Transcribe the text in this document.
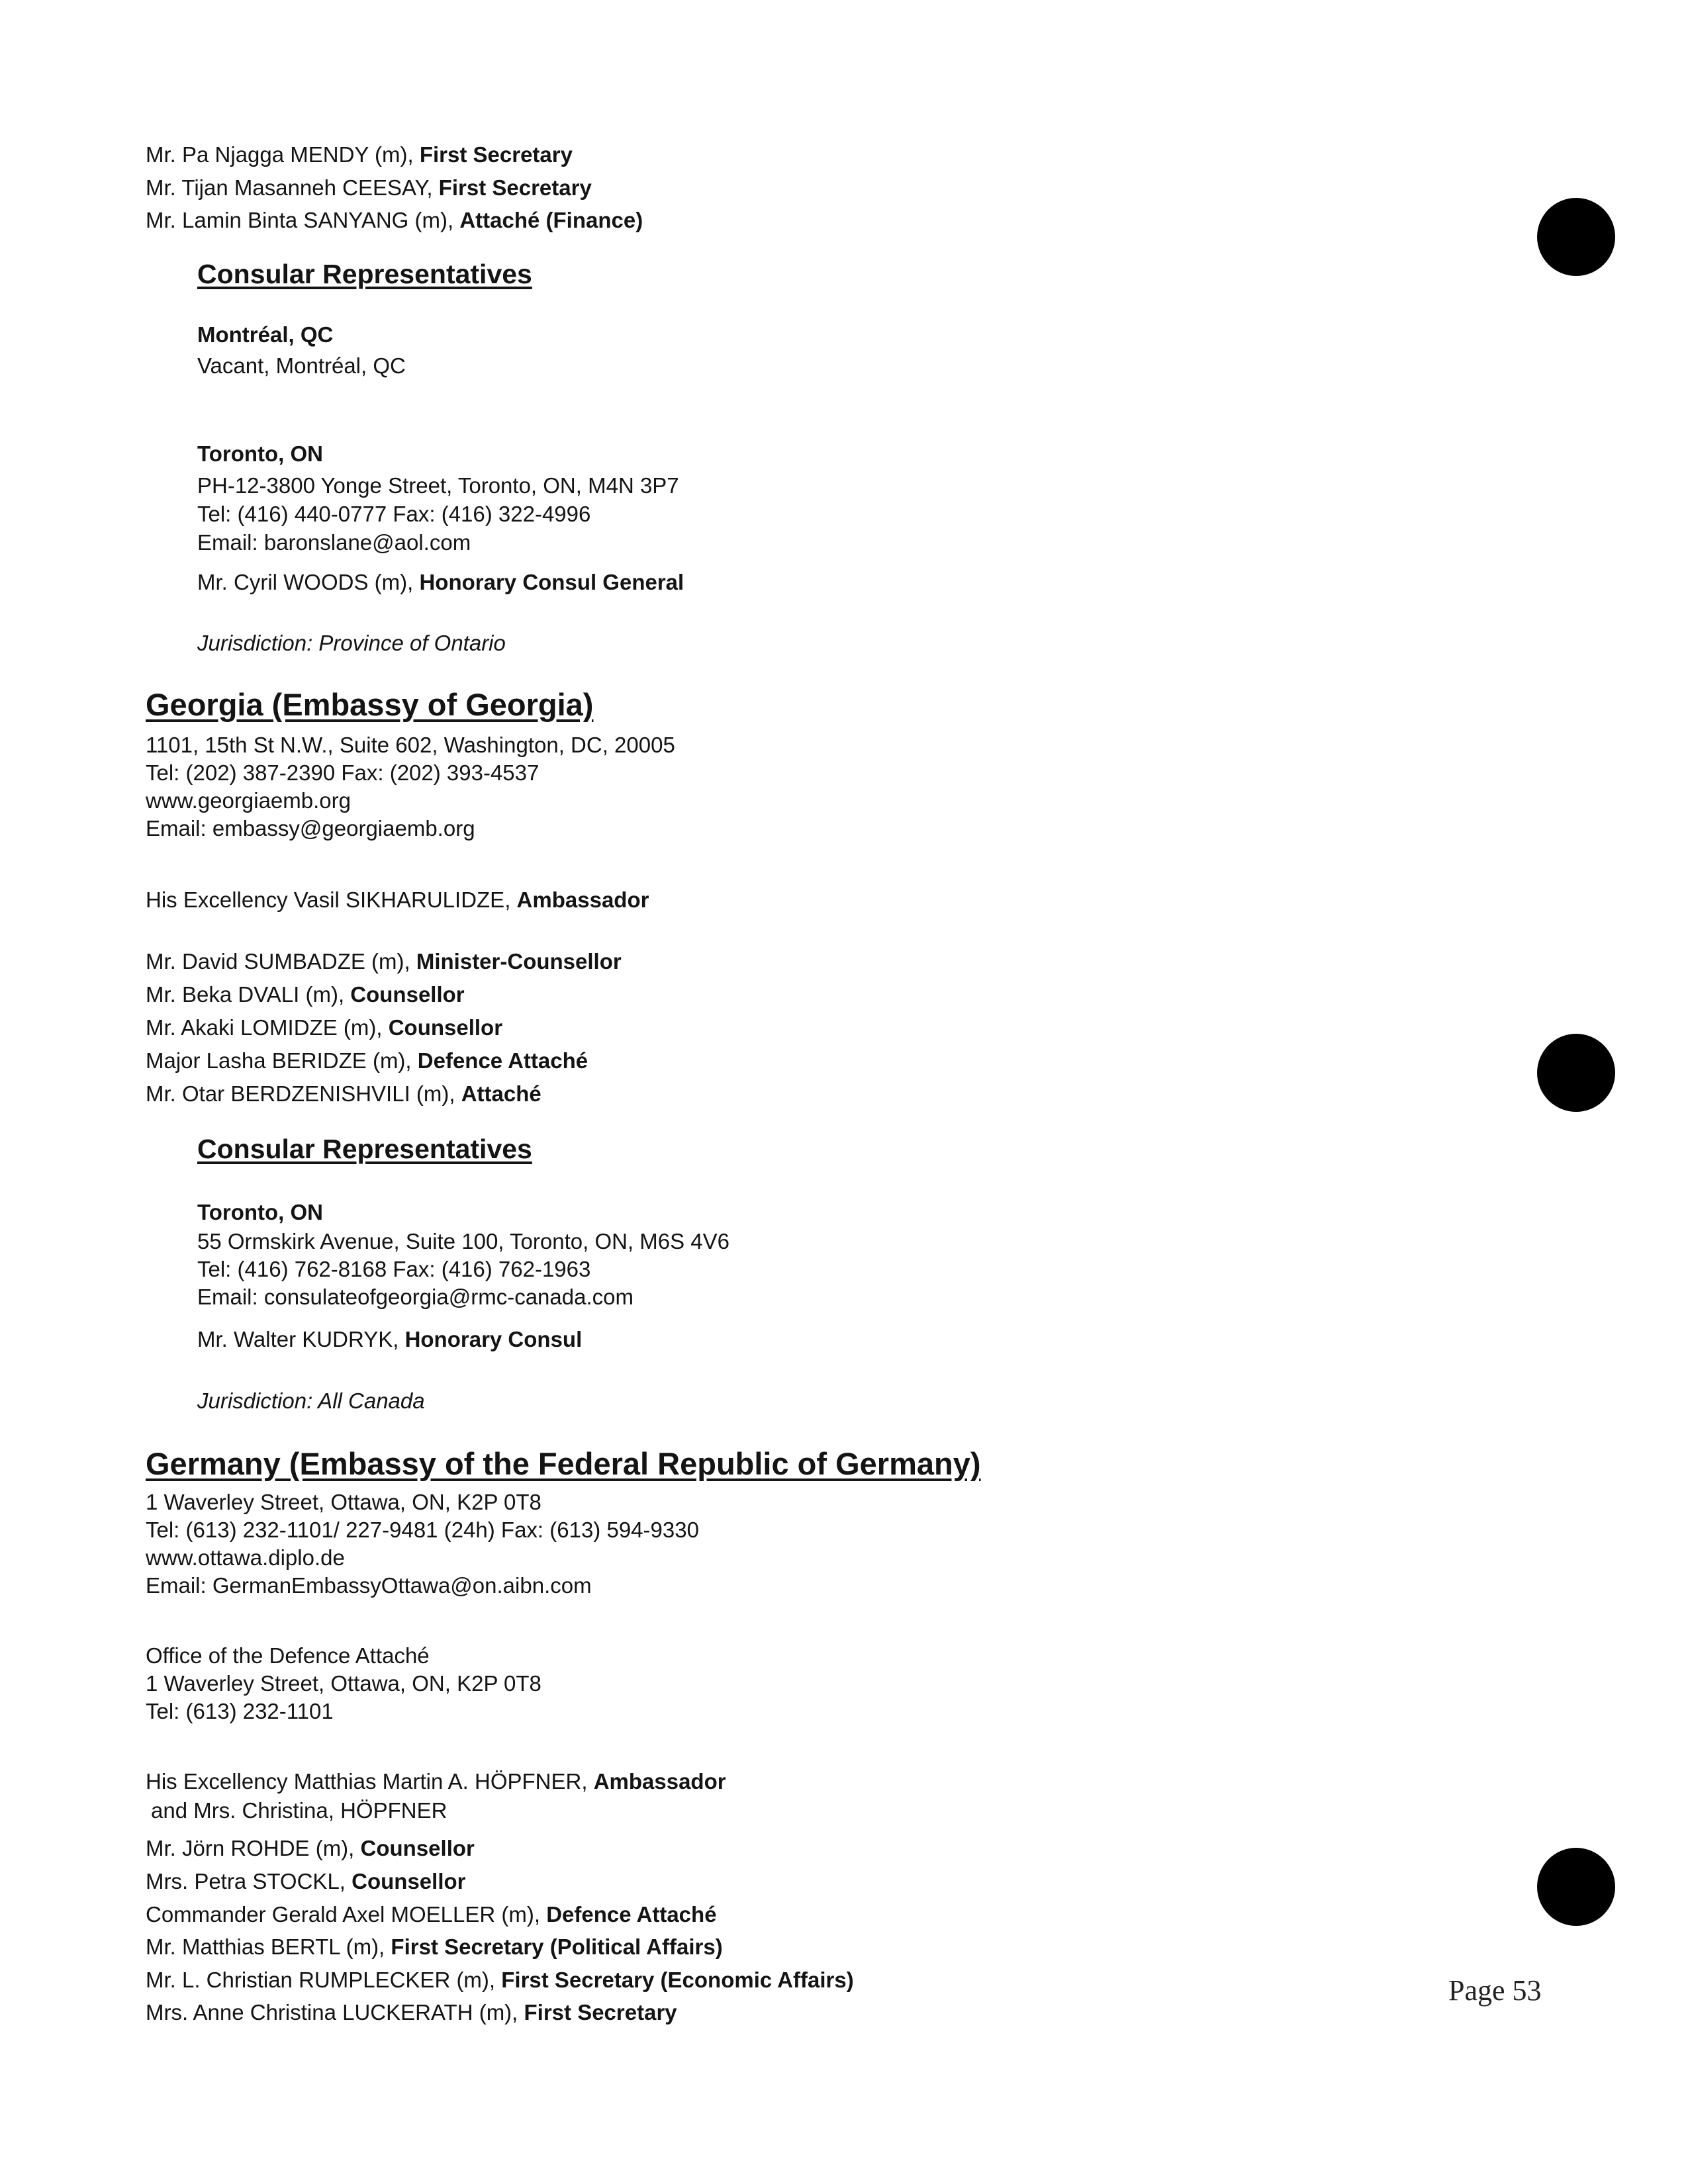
Mr. Pa Njagga MENDY (m), First Secretary
Mr. Tijan Masanneh CEESAY, First Secretary
Mr. Lamin Binta SANYANG (m), Attaché (Finance)
Consular Representatives
Montréal, QC
Vacant, Montréal, QC
Toronto, ON
PH-12-3800 Yonge Street, Toronto, ON, M4N 3P7
Tel: (416) 440-0777 Fax: (416) 322-4996
Email: baronslane@aol.com
Mr. Cyril WOODS (m), Honorary Consul General
Jurisdiction: Province of Ontario
Georgia (Embassy of Georgia)
1101, 15th St N.W., Suite 602, Washington, DC, 20005
Tel: (202) 387-2390 Fax: (202) 393-4537
www.georgiaemb.org
Email: embassy@georgiaemb.org
His Excellency Vasil SIKHARULIDZE, Ambassador
Mr. David SUMBADZE (m), Minister-Counsellor
Mr. Beka DVALI (m), Counsellor
Mr. Akaki LOMIDZE (m), Counsellor
Major Lasha BERIDZE (m), Defence Attaché
Mr. Otar BERDZENISHVILI (m), Attaché
Consular Representatives
Toronto, ON
55 Ormskirk Avenue, Suite 100, Toronto, ON, M6S 4V6
Tel: (416) 762-8168 Fax: (416) 762-1963
Email: consulateofgeorgia@rmc-canada.com
Mr. Walter KUDRYK, Honorary Consul
Jurisdiction: All Canada
Germany (Embassy of the Federal Republic of Germany)
1 Waverley Street, Ottawa, ON, K2P 0T8
Tel: (613) 232-1101/ 227-9481 (24h) Fax: (613) 594-9330
www.ottawa.diplo.de
Email: GermanEmbassyOttawa@on.aibn.com
Office of the Defence Attaché
1 Waverley Street, Ottawa, ON, K2P 0T8
Tel: (613) 232-1101
His Excellency Matthias Martin A. HÖPFNER, Ambassador
and Mrs. Christina, HÖPFNER
Mr. Jörn ROHDE (m), Counsellor
Mrs. Petra STOCKL, Counsellor
Commander Gerald Axel MOELLER (m), Defence Attaché
Mr. Matthias BERTL (m), First Secretary (Political Affairs)
Mr. L. Christian RUMPLECKER (m), First Secretary (Economic Affairs)
Mrs. Anne Christina LUCKERATH (m), First Secretary
Page 53
